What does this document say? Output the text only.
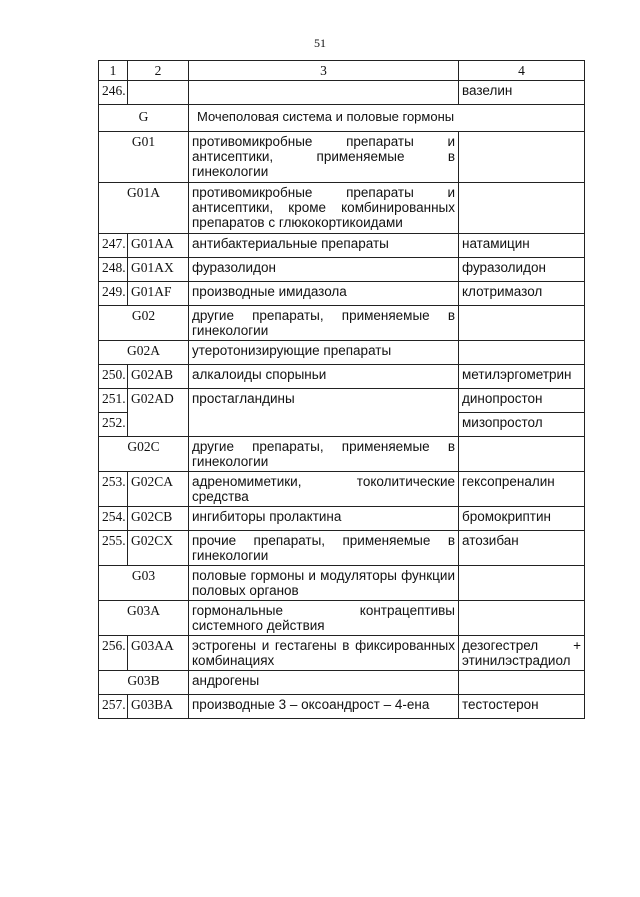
51
1	2	3	4
246.			вазелин
G		Мочеполовая система и половые гормоны	
G01		противомикробные препараты и антисептики, применяемые в гинекологии	
G01A		противомикробные препараты и антисептики, кроме комбинированных препаратов с глюкокортикоидами	
247.	G01AA	антибактериальные препараты	натамицин
248.	G01AX	фуразолидон	фуразолидон
249.	G01AF	производные имидазола	клотримазол
G02		другие препараты, применяемые в гинекологии	
G02A		утеротонизирующие препараты	
250.	G02AB	алкалоиды спорыньи	метилэргометрин
251.	G02AD	простагландины	динопростон
252.			мизопростол
G02C		другие препараты, применяемые в гинекологии	
253.	G02CA	адреномиметики, токолитические средства	гексопреналин
254.	G02CB	ингибиторы пролактина	бромокриптин
255.	G02CX	прочие препараты, применяемые в гинекологии	атозибан
G03		половые гормоны и модуляторы функции половых органов	
G03A		гормональные контрацептивы системного действия	
256.	G03AA	эстрогены и гестагены в фиксированных комбинациях	дезогестрел + этинилэстрадиол
G03B		андрогены	
257.	G03BA	производные 3 – оксоандрост – 4-ена	тестостерон
